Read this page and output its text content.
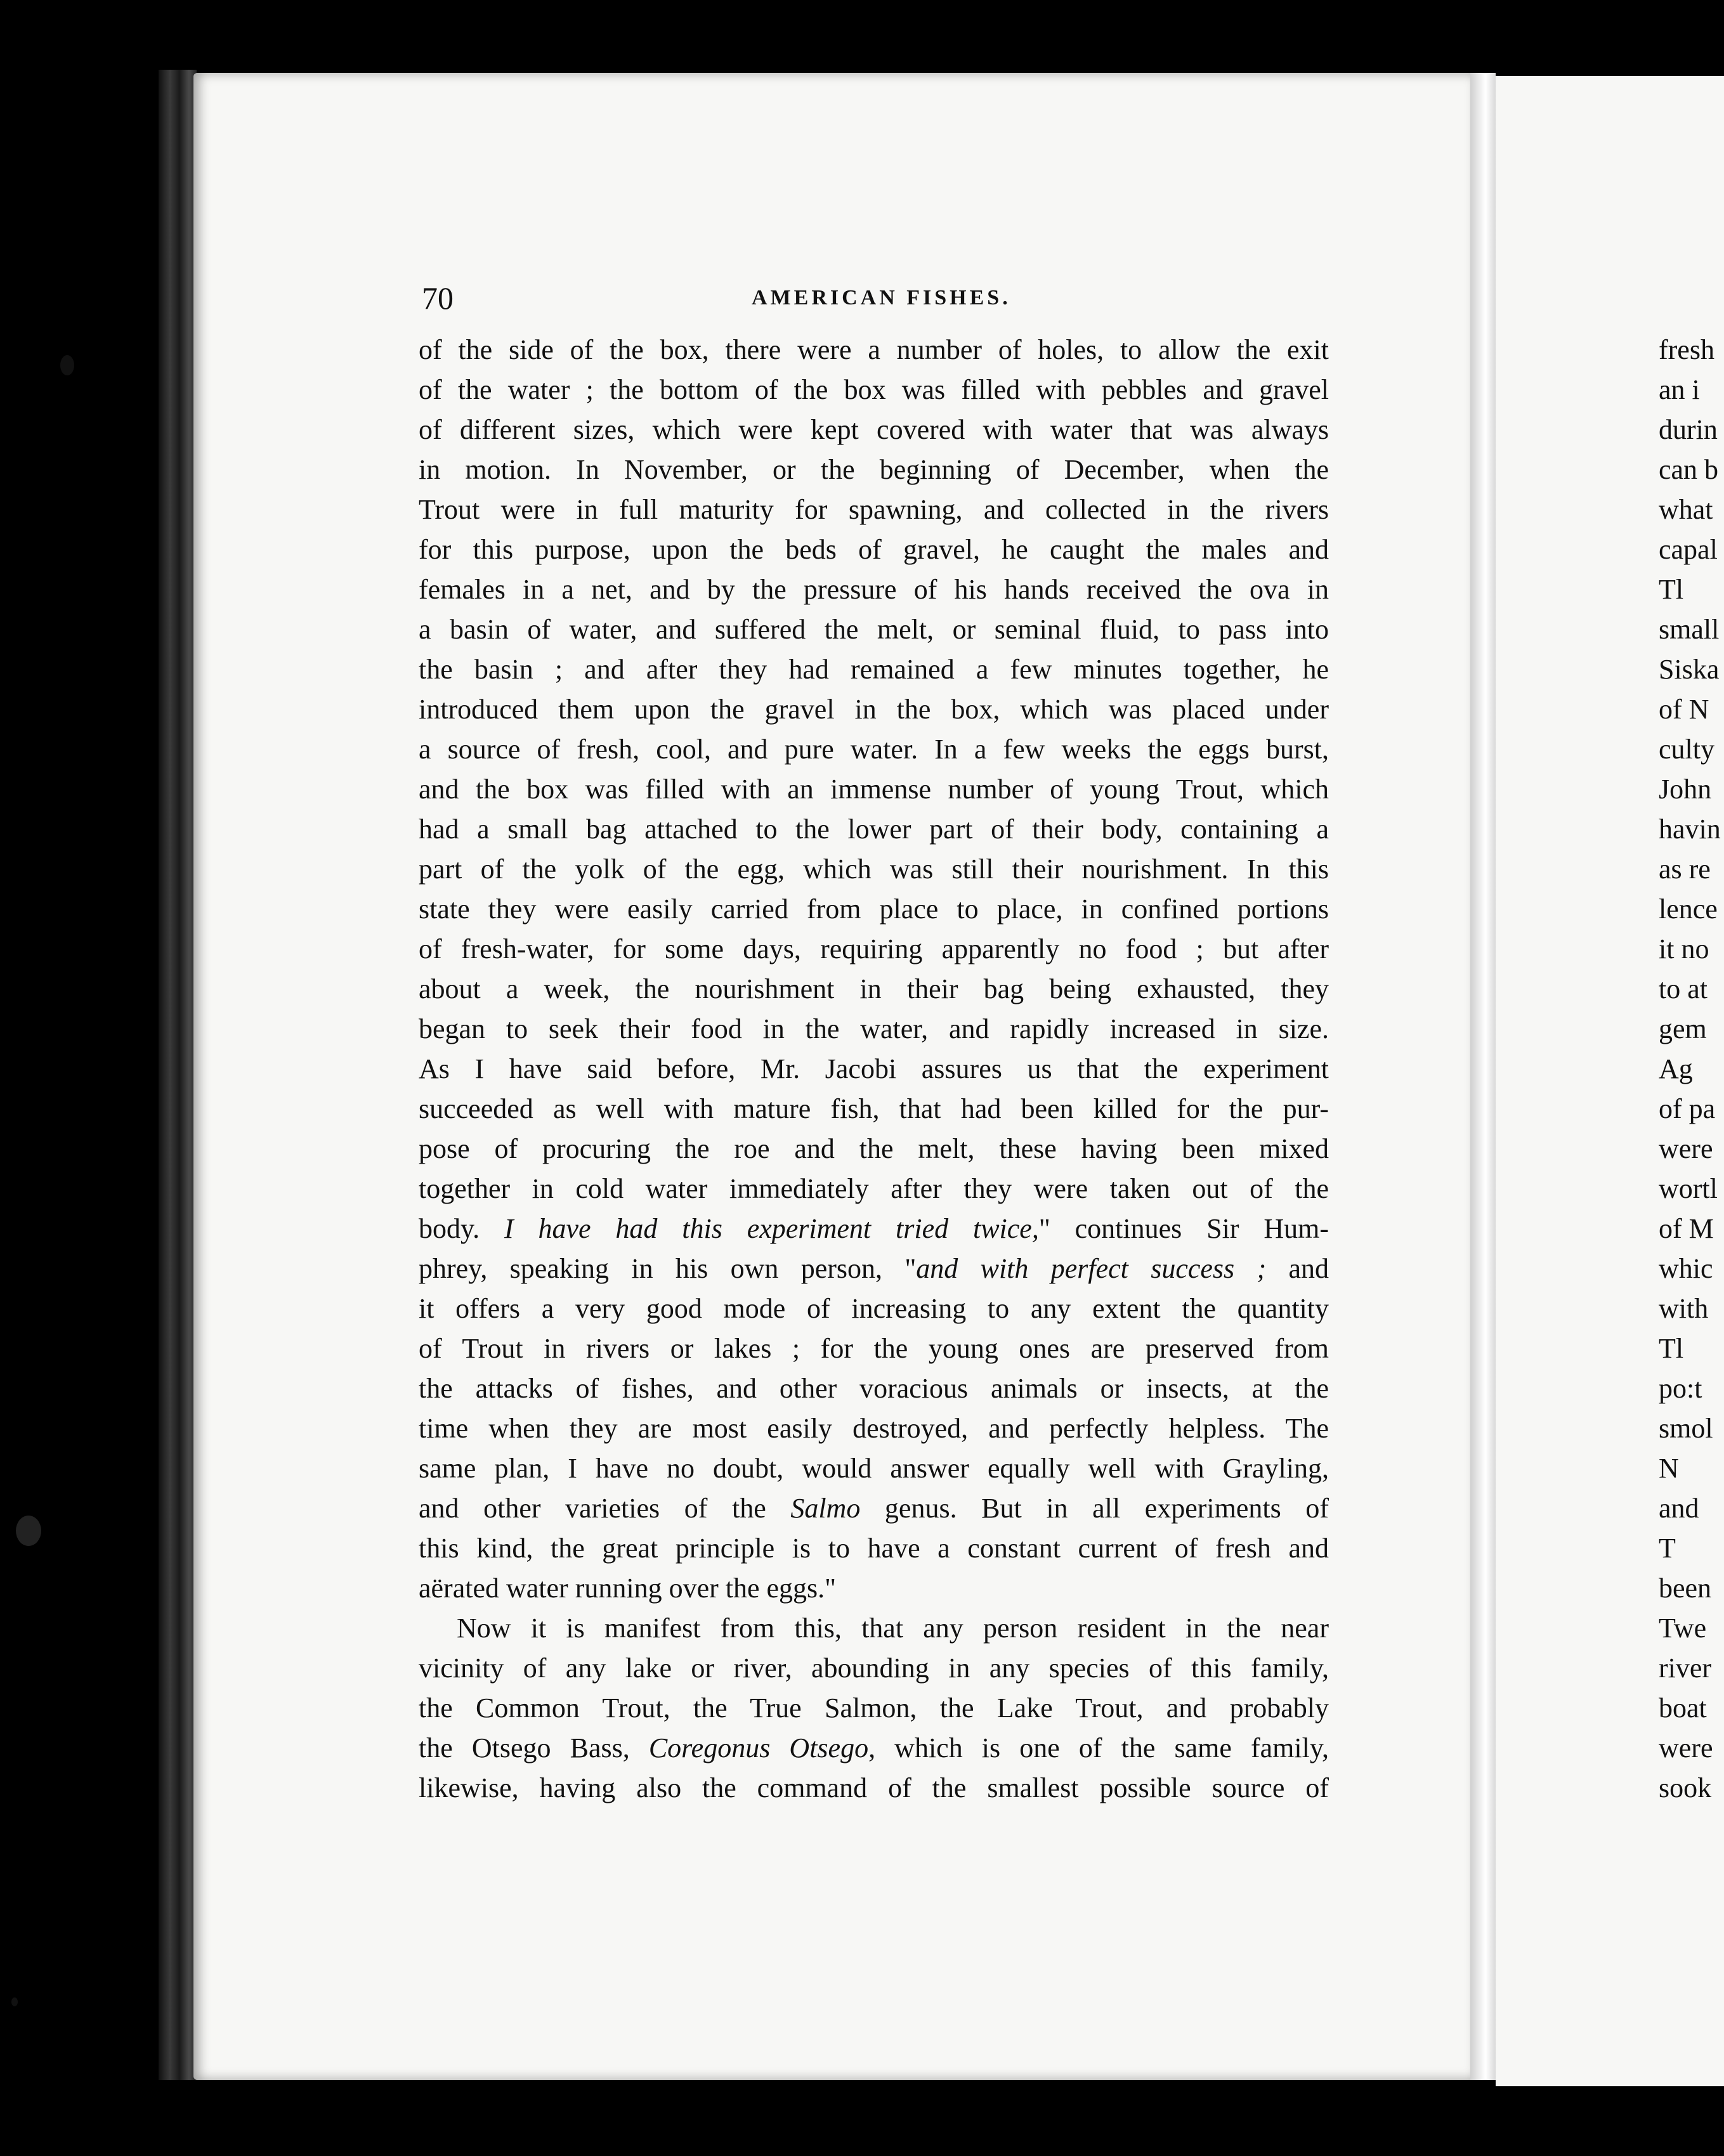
70	AMERICAN FISHES.
of the side of the box, there were a number of holes, to allow the exit
of the water ; the bottom of the box was filled with pebbles and gravel
of different sizes, which were kept covered with water that was always
in motion. In November, or the beginning of December, when the
Trout were in full maturity for spawning, and collected in the rivers
for this purpose, upon the beds of gravel, he caught the males and
females in a net, and by the pressure of his hands received the ova in
a basin of water, and suffered the melt, or seminal fluid, to pass into
the basin ; and after they had remained a few minutes together, he
introduced them upon the gravel in the box, which was placed under
a source of fresh, cool, and pure water. In a few weeks the eggs burst,
and the box was filled with an immense number of young Trout, which
had a small bag attached to the lower part of their body, containing a
part of the yolk of the egg, which was still their nourishment. In this
state they were easily carried from place to place, in confined portions
of fresh-water, for some days, requiring apparently no food ; but after
about a week, the nourishment in their bag being exhausted, they
began to seek their food in the water, and rapidly increased in size.
As I have said before, Mr. Jacobi assures us that the experiment
succeeded as well with mature fish, that had been killed for the pur-
pose of procuring the roe and the melt, these having been mixed
together in cold water immediately after they were taken out of the
body. I have had this experiment tried twice," continues Sir Hum-
phrey, speaking in his own person, "and with perfect success ; and
it offers a very good mode of increasing to any extent the quantity
of Trout in rivers or lakes ; for the young ones are preserved from
the attacks of fishes, and other voracious animals or insects, at the
time when they are most easily destroyed, and perfectly helpless. The
same plan, I have no doubt, would answer equally well with Grayling,
and other varieties of the Salmo genus. But in all experiments of
this kind, the great principle is to have a constant current of fresh and
aërated water running over the eggs."
Now it is manifest from this, that any person resident in the near
vicinity of any lake or river, abounding in any species of this family,
the Common Trout, the True Salmon, the Lake Trout, and probably
the Otsego Bass, Coregonus Otsego, which is one of the same family,
likewise, having also the command of the smallest possible source of
fresh
an i
durin
can b
what
capal
Tl
small
Siska
of N
culty
John
havin
as re
lence
it no
to at
gem
Ag
of pa
were
wortl
of M
whic
with
Tl
po:t
smol
N
and
T
been
Twe
river
boat
were
sook
